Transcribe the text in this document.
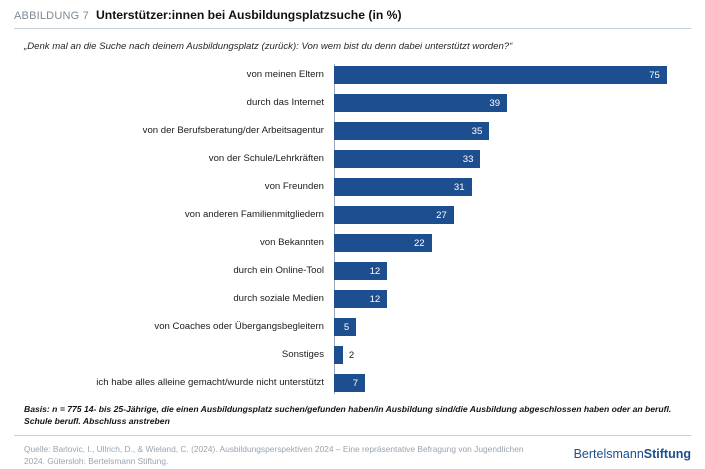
ABBILDUNG 7 Unterstützer:innen bei Ausbildungsplatzsuche (in %)
„Denk mal an die Suche nach deinem Ausbildungsplatz (zurück): Von wem bist du denn dabei unterstützt worden?“
von meinen Eltern	75
durch das Internet	39
von der Berufsberatung/der Arbeitsagentur	35
von der Schule/Lehrkräften	33
von Freunden	31
von anderen Familienmitgliedern	27
von Bekannten	22
durch ein Online-Tool	12
durch soziale Medien	12
von Coaches oder Übergangsbegleitern	5
Sonstiges	2
ich habe alles alleine gemacht/wurde nicht unterstützt	7
Basis: n = 775 14- bis 25-Jährige, die einen Ausbildungsplatz suchen/gefunden haben/in Ausbildung sind/die Ausbildung abgeschlossen haben oder an berufl. Schule berufl. Abschluss anstreben
Quelle: Barlovic, I., Ullrich, D., & Wieland, C. (2024). Ausbildungsperspektiven 2024 – Eine repräsentative Befragung von Jugendlichen 2024. Gütersloh: Bertelsmann Stiftung.
BertelsmannStiftung
